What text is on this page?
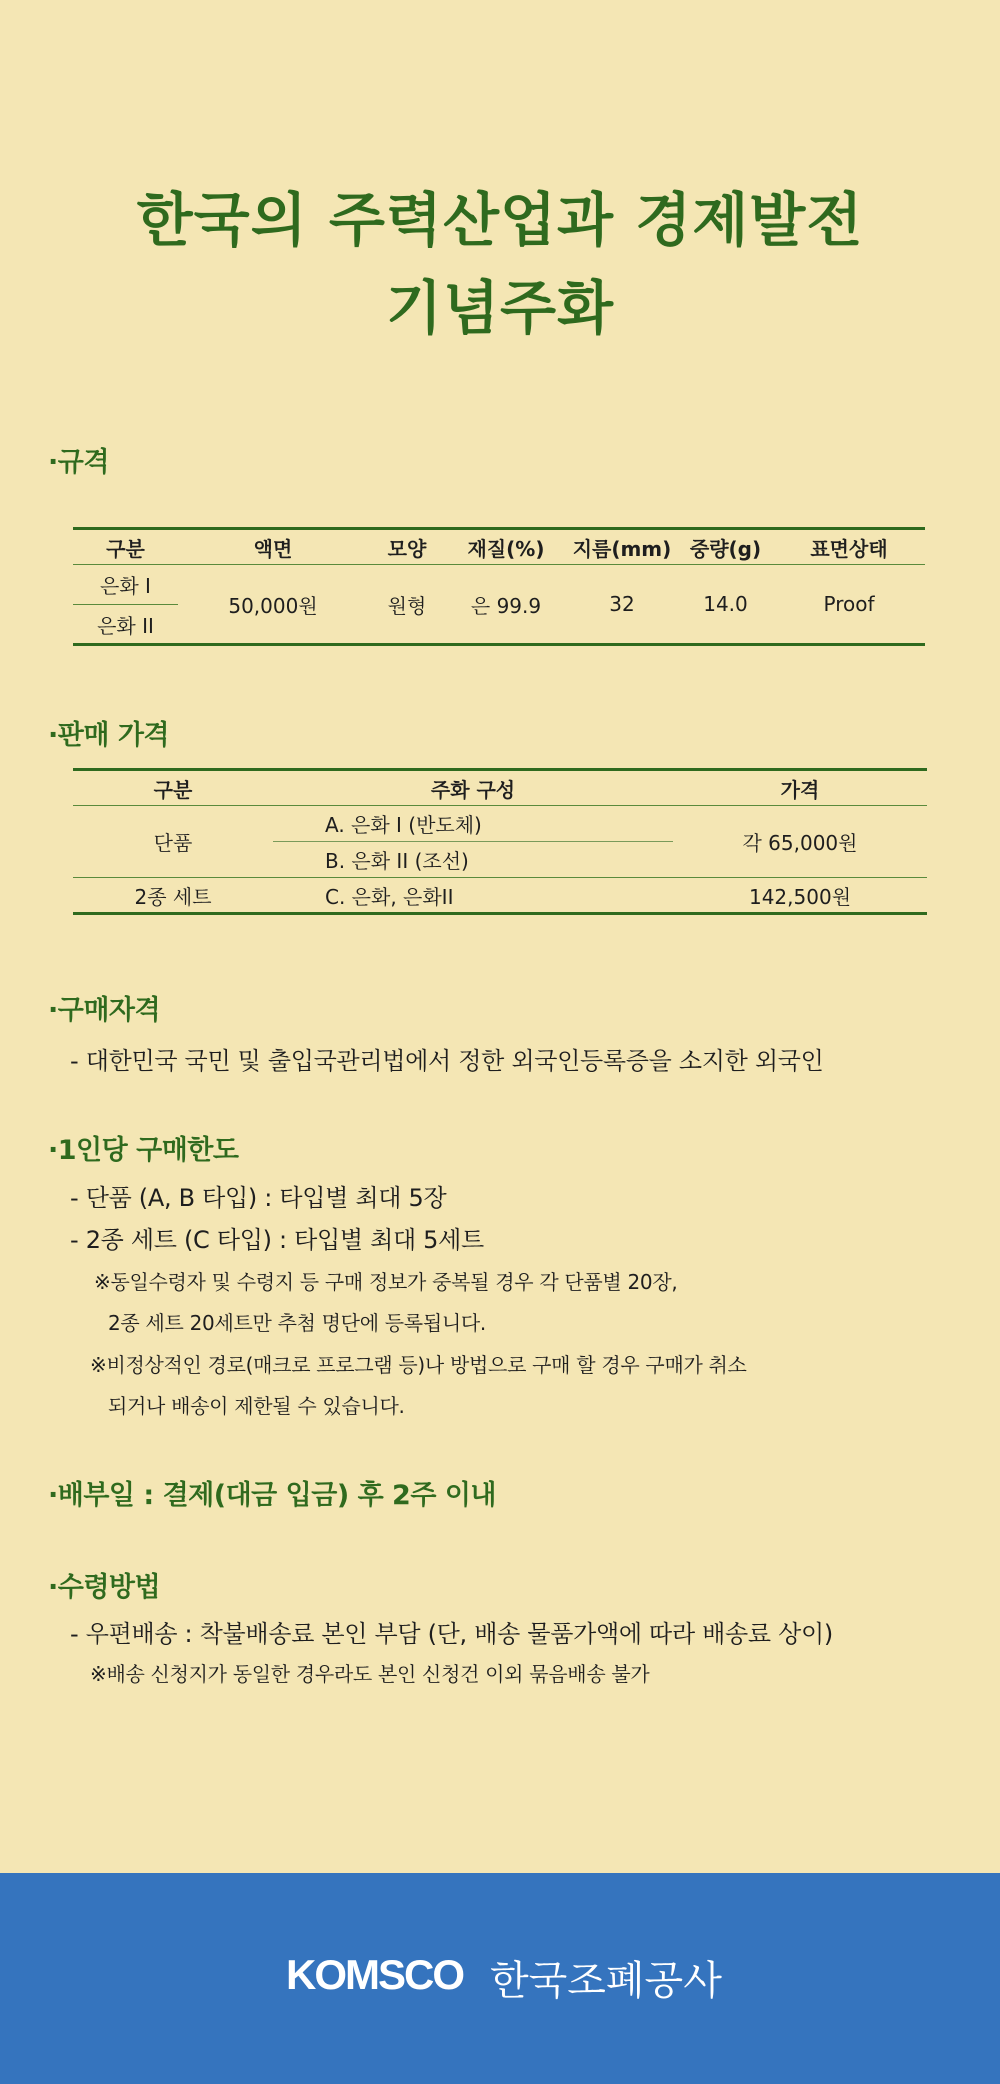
한국의 주력산업과 경제발전
기념주화
·규격
구분	액면	모양	재질(%)	지름(mm)	중량(g)	표면상태
은화 I	50,000원	원형	은 99.9	32	14.0	Proof
은화 II						
·판매 가격
구분	주화 구성	가격
단품	A. 은화 I (반도체)	각 65,000원
	B. 은화 II (조선)	
2종 세트	C. 은화, 은화II	142,500원
·구매자격
- 대한민국 국민 및 출입국관리법에서 정한 외국인등록증을 소지한 외국인
·1인당 구매한도
- 단품 (A, B 타입) : 타입별 최대 5장
- 2종 세트 (C 타입) : 타입별 최대 5세트
※동일수령자 및 수령지 등 구매 정보가 중복될 경우 각 단품별 20장,
2종 세트 20세트만 추첨 명단에 등록됩니다.
※비정상적인 경로(매크로 프로그램 등)나 방법으로 구매 할 경우 구매가 취소
되거나 배송이 제한될 수 있습니다.
·배부일 : 결제(대금 입금) 후 2주 이내
·수령방법
- 우편배송 : 착불배송료 본인 부담 (단, 배송 물품가액에 따라 배송료 상이)
※배송 신청지가 동일한 경우라도 본인 신청건 이외 묶음배송 불가
KOMSCO 한국조폐공사
